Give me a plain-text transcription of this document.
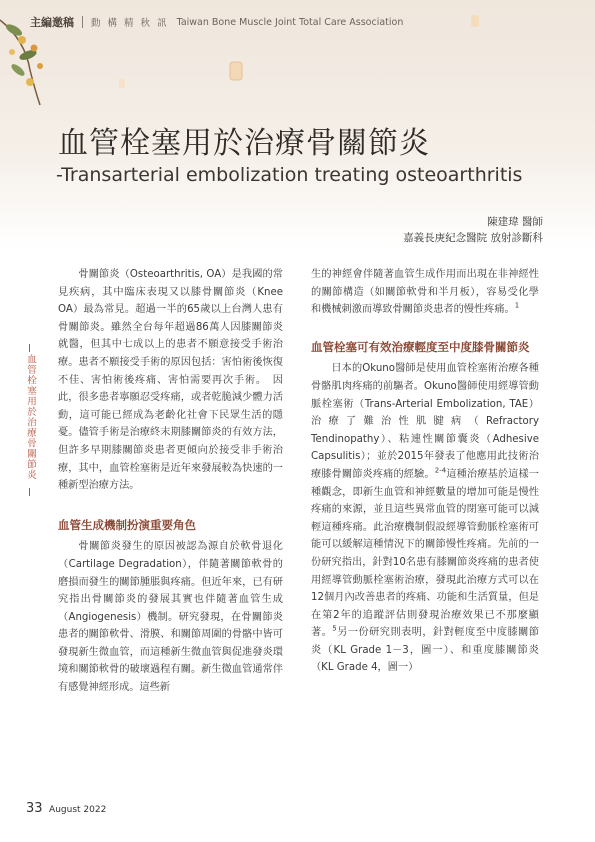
主編邀稿 動 構 精 秋 訊 Taiwan Bone Muscle Joint Total Care Association
血管栓塞用於治療骨關節炎
-Transarterial embolization treating osteoarthritis
陳建瑋 醫師
嘉義長庚紀念醫院 放射診斷科
血管栓塞用於治療骨關節炎

骨關節炎（Osteoarthritis, OA）是我國的常見疾病，其中臨床表現又以膝骨關節炎（Knee OA）最為常見。超過一半的65歲以上台灣人患有骨關節炎。雖然全台每年超過86萬人因膝關節炎就醫，但其中七成以上的患者不願意接受手術治療。患者不願接受手術的原因包括：害怕術後恢復不佳、害怕術後疼痛、害怕需要再次手術。　因此，很多患者寧願忍受疼痛，或者乾脆減少體力活動，這可能已經成為老齡化社會下民眾生活的隱憂。儘管手術是治療終末期膝關節炎的有效方法，但許多早期膝關節炎患者更傾向於接受非手術治療，其中，血管栓塞術是近年來發展較為快速的一種新型治療方法。

血管生成機制扮演重要角色

骨關節炎發生的原因被認為源自於軟骨退化（Cartilage Degradation），伴隨著關節軟骨的磨損而發生的關節腫脹與疼痛。但近年來，已有研究指出骨關節炎的發展其實也伴隨著血管生成（Angiogenesis）機制。研究發現，在骨關節炎患者的關節軟骨、滑膜、和關節周圍的骨骼中皆可發現新生微血管，而這種新生微血管與促進發炎環境和關節軟骨的破壞過程有關。新生微血管通常伴有感覺神經形成。這些新

生的神經會伴隨著血管生成作用而出現在非神經性的關節構造（如關節軟骨和半月板），容易受化學和機械刺激而導致骨關節炎患者的慢性疼痛。$^1$

血管栓塞可有效治療輕度至中度膝骨關節炎

日本的Okuno醫師是使用血管栓塞術治療各種骨骼肌肉疼痛的前驅者。Okuno醫師使用經導管動脈栓塞術（Trans-Arterial Embolization, TAE）治療了難治性肌腱病（Refractory Tendinopathy）、粘連性關節囊炎（Adhesive Capsulitis）；並於2015年發表了他應用此技術治療膝骨關節炎疼痛的經驗。$^{2-4}$這種治療基於這樣一種觀念，即新生血管和神經數量的增加可能是慢性疼痛的來源，並且這些異常血管的閉塞可能可以減輕這種疼痛。此治療機制假設經導管動脈栓塞術可能可以緩解這種情況下的關節慢性疼痛。先前的一份研究指出，針對10名患有膝關節炎疼痛的患者使用經導管動脈栓塞術治療，發現此治療方式可以在12個月內改善患者的疼痛、功能和生活質量，但是在第2年的追蹤評估則發現治療效果已不那麼顯著。$^5$另一份研究則表明，針對輕度至中度膝關節炎（KL Grade 1－3，圖一）、和重度膝關節炎（KL Grade 4，圖一）

33 August 2022
